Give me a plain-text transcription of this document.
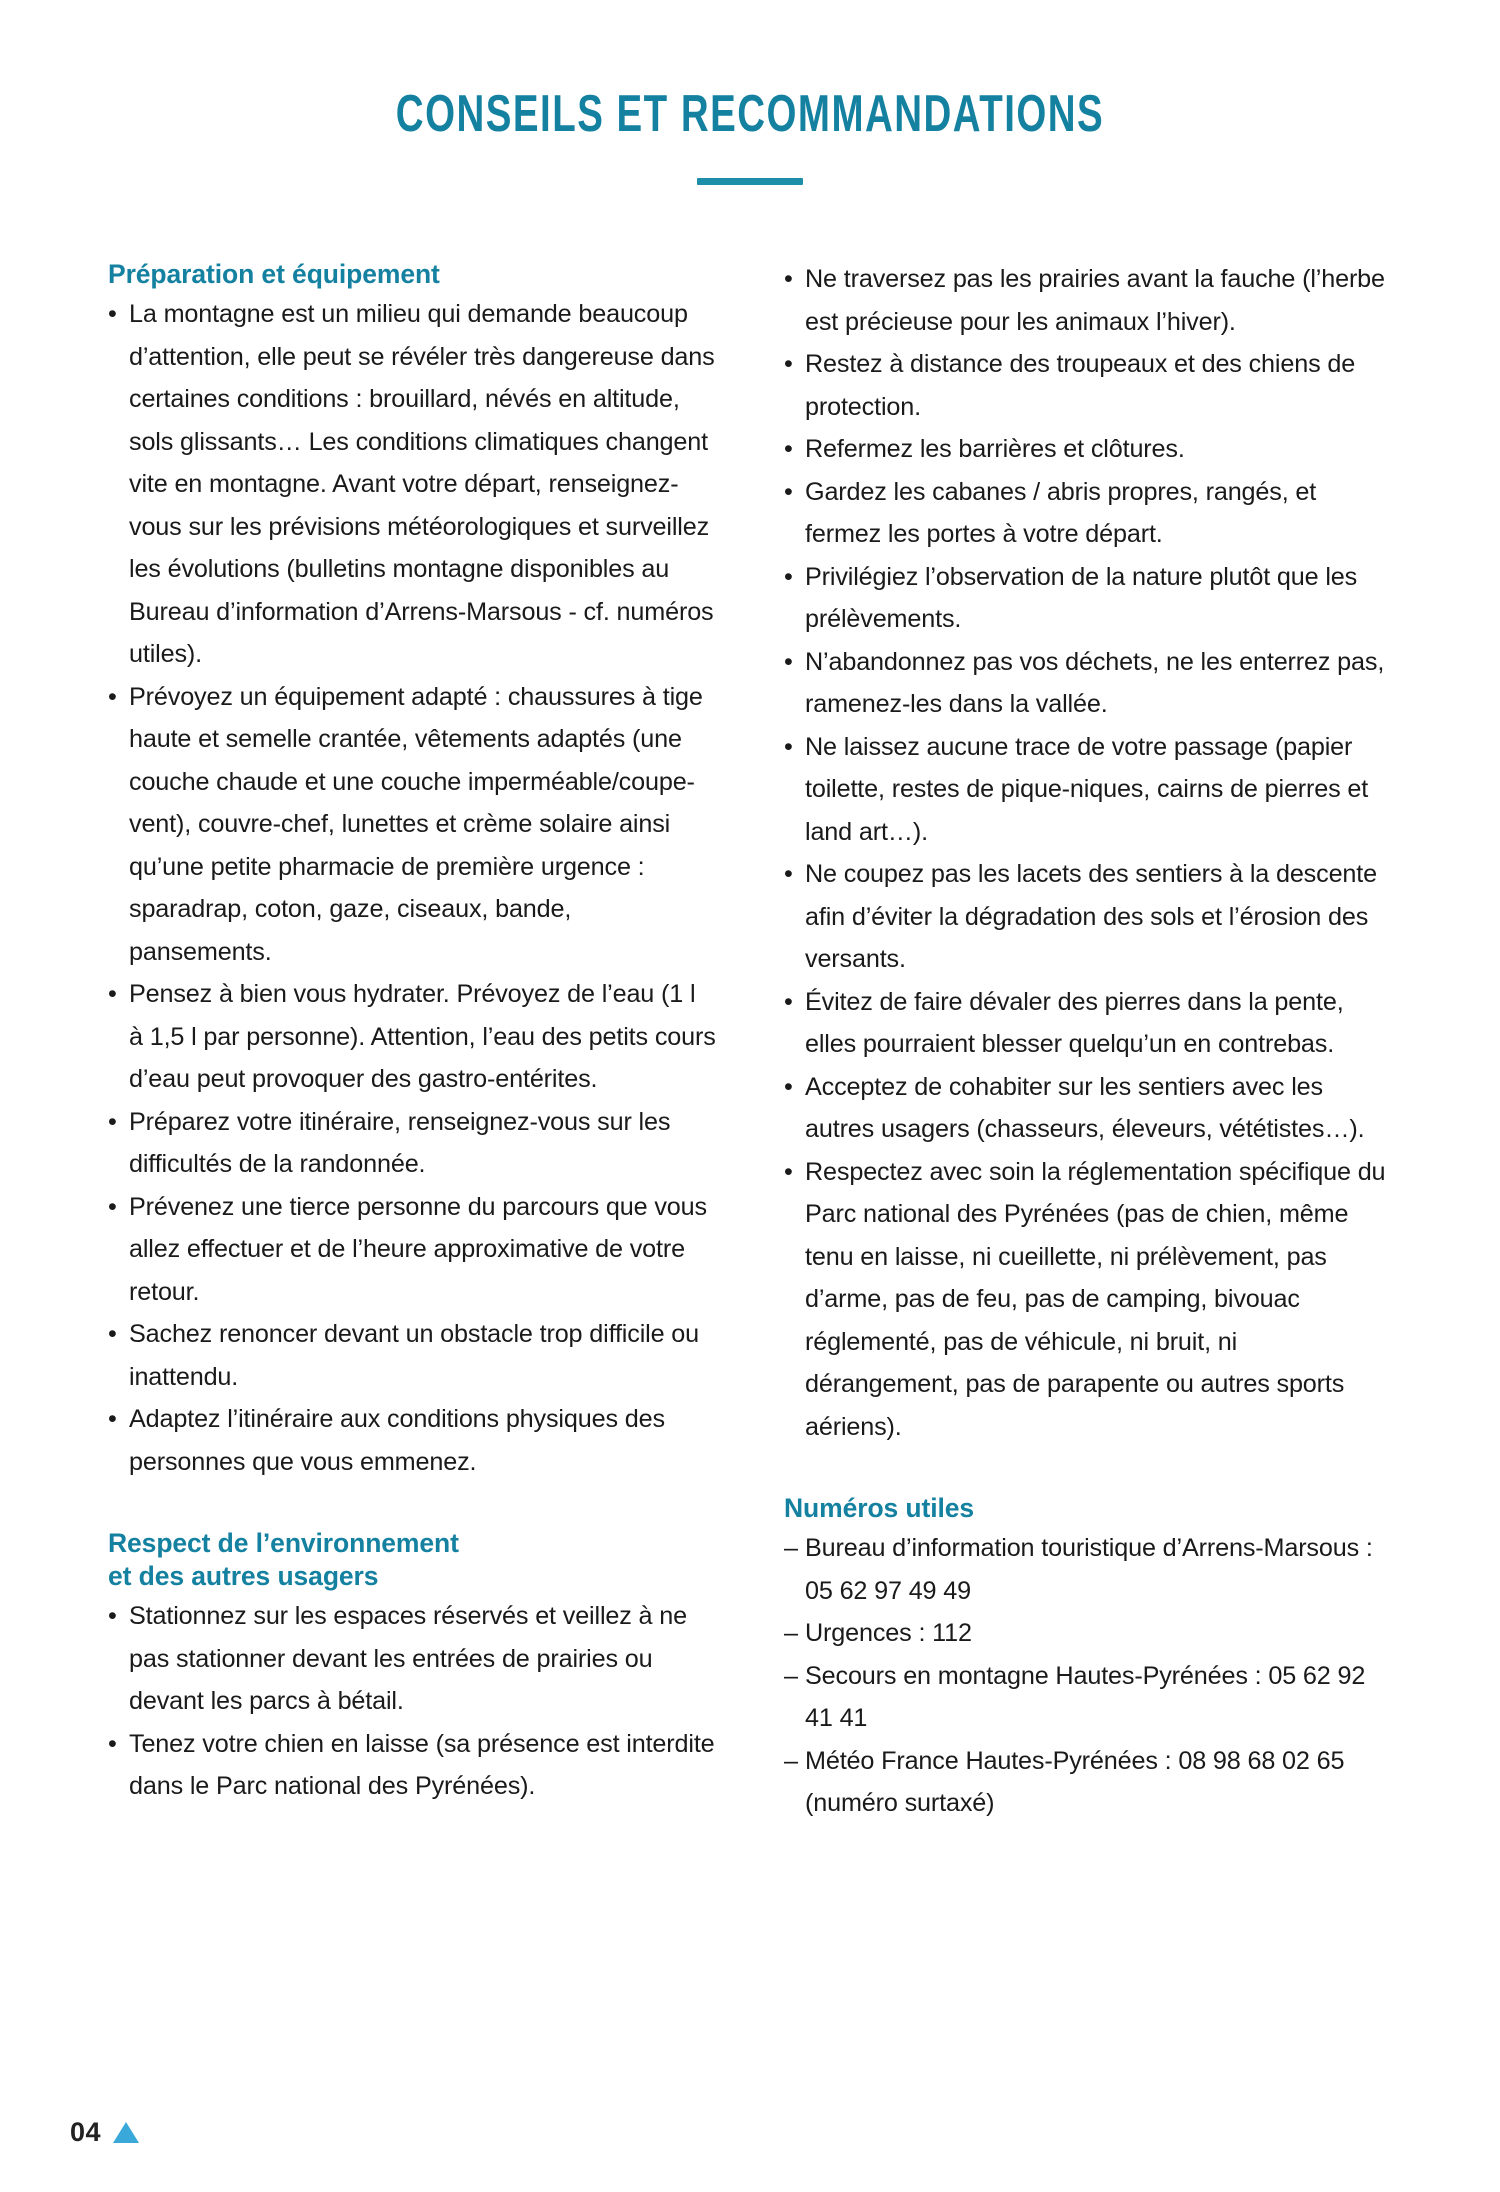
CONSEILS ET RECOMMANDATIONS
Préparation et équipement
• La montagne est un milieu qui demande beaucoup d’attention, elle peut se révéler très dangereuse dans certaines conditions : brouillard, névés en altitude, sols glissants… Les conditions climatiques changent vite en montagne. Avant votre départ, renseignez-vous sur les prévisions météorologiques et surveillez les évolutions (bulletins montagne disponibles au Bureau d’information d’Arrens-Marsous - cf. numéros utiles).
• Prévoyez un équipement adapté : chaussures à tige haute et semelle crantée, vêtements adaptés (une couche chaude et une couche imperméable/coupe-vent), couvre-chef, lunettes et crème solaire ainsi qu’une petite pharmacie de première urgence : sparadrap, coton, gaze, ciseaux, bande, pansements.
• Pensez à bien vous hydrater. Prévoyez de l’eau (1 l à 1,5 l par personne). Attention, l’eau des petits cours d’eau peut provoquer des gastro-entérites.
• Préparez votre itinéraire, renseignez-vous sur les difficultés de la randonnée.
• Prévenez une tierce personne du parcours que vous allez effectuer et de l’heure approximative de votre retour.
• Sachez renoncer devant un obstacle trop difficile ou inattendu.
• Adaptez l’itinéraire aux conditions physiques des personnes que vous emmenez.
Respect de l’environnement
et des autres usagers
• Stationnez sur les espaces réservés et veillez à ne pas stationner devant les entrées de prairies ou devant les parcs à bétail.
• Tenez votre chien en laisse (sa présence est interdite dans le Parc national des Pyrénées).
• Ne traversez pas les prairies avant la fauche (l’herbe est précieuse pour les animaux l’hiver).
• Restez à distance des troupeaux et des chiens de protection.
• Refermez les barrières et clôtures.
• Gardez les cabanes / abris propres, rangés, et fermez les portes à votre départ.
• Privilégiez l’observation de la nature plutôt que les prélèvements.
• N’abandonnez pas vos déchets, ne les enterrez pas, ramenez-les dans la vallée.
• Ne laissez aucune trace de votre passage (papier toilette, restes de pique-niques, cairns de pierres et land art…).
• Ne coupez pas les lacets des sentiers à la descente afin d’éviter la dégradation des sols et l’érosion des versants.
• Évitez de faire dévaler des pierres dans la pente, elles pourraient blesser quelqu’un en contrebas.
• Acceptez de cohabiter sur les sentiers avec les autres usagers (chasseurs, éleveurs, vététistes…).
• Respectez avec soin la réglementation spécifique du Parc national des Pyrénées (pas de chien, même tenu en laisse, ni cueillette, ni prélèvement, pas d’arme, pas de feu, pas de camping, bivouac réglementé, pas de véhicule, ni bruit, ni dérangement, pas de parapente ou autres sports aériens).
Numéros utiles
– Bureau d’information touristique d’Arrens-Marsous : 05 62 97 49 49
– Urgences : 112
– Secours en montagne Hautes-Pyrénées : 05 62 92 41 41
– Météo France Hautes-Pyrénées : 08 98 68 02 65 (numéro surtaxé)
04
